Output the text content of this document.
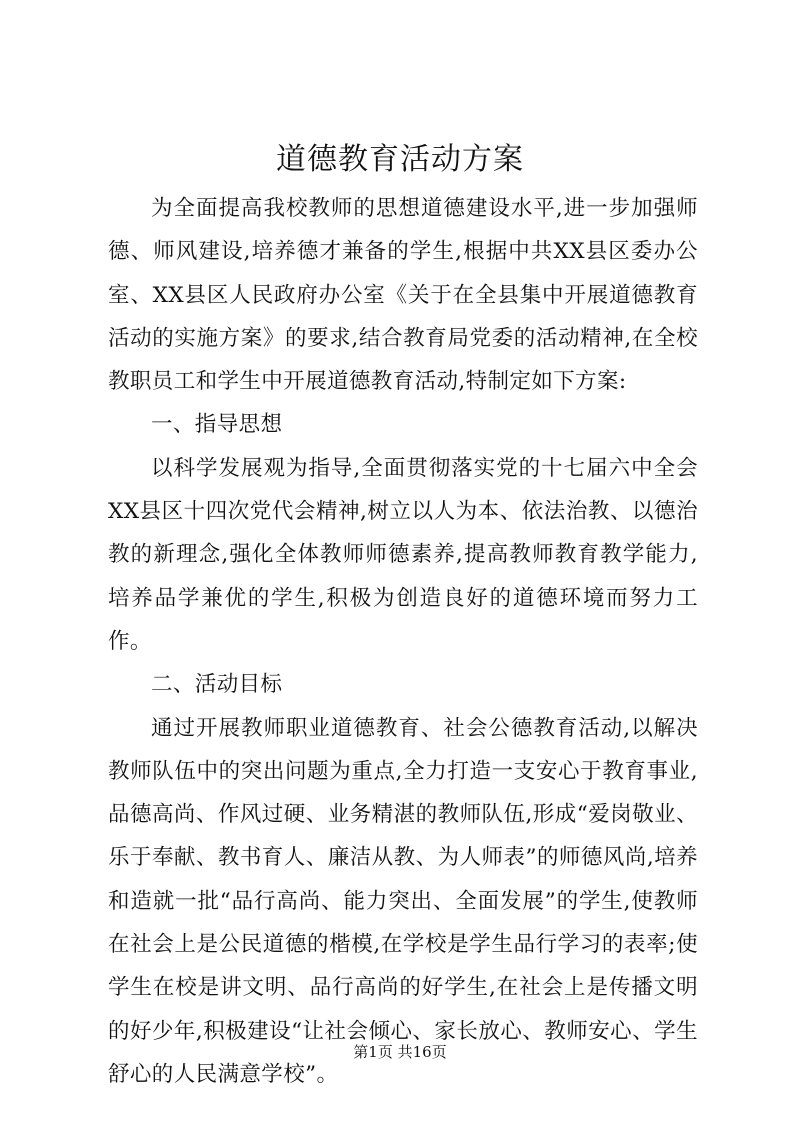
道德教育活动方案

为全面提高我校教师的思想道德建设水平,进一步加强师德、师风建设,培养德才兼备的学生,根据中共XX县区委办公室、XX县区人民政府办公室《关于在全县集中开展道德教育活动的实施方案》的要求,结合教育局党委的活动精神,在全校教职员工和学生中开展道德教育活动,特制定如下方案:

一、指导思想

以科学发展观为指导,全面贯彻落实党的十七届六中全会XX县区十四次党代会精神,树立以人为本、依法治教、以德治教的新理念,强化全体教师师德素养,提高教师教育教学能力,培养品学兼优的学生,积极为创造良好的道德环境而努力工作。

二、活动目标

通过开展教师职业道德教育、社会公德教育活动,以解决教师队伍中的突出问题为重点,全力打造一支安心于教育事业,品德高尚、作风过硬、业务精湛的教师队伍,形成“爱岗敬业、乐于奉献、教书育人、廉洁从教、为人师表”的师德风尚,培养和造就一批“品行高尚、能力突出、全面发展”的学生,使教师在社会上是公民道德的楷模,在学校是学生品行学习的表率;使学生在校是讲文明、品行高尚的好学生,在社会上是传播文明的好少年,积极建设“让社会倾心、家长放心、教师安心、学生舒心的人民满意学校”。

第1页 共16页
